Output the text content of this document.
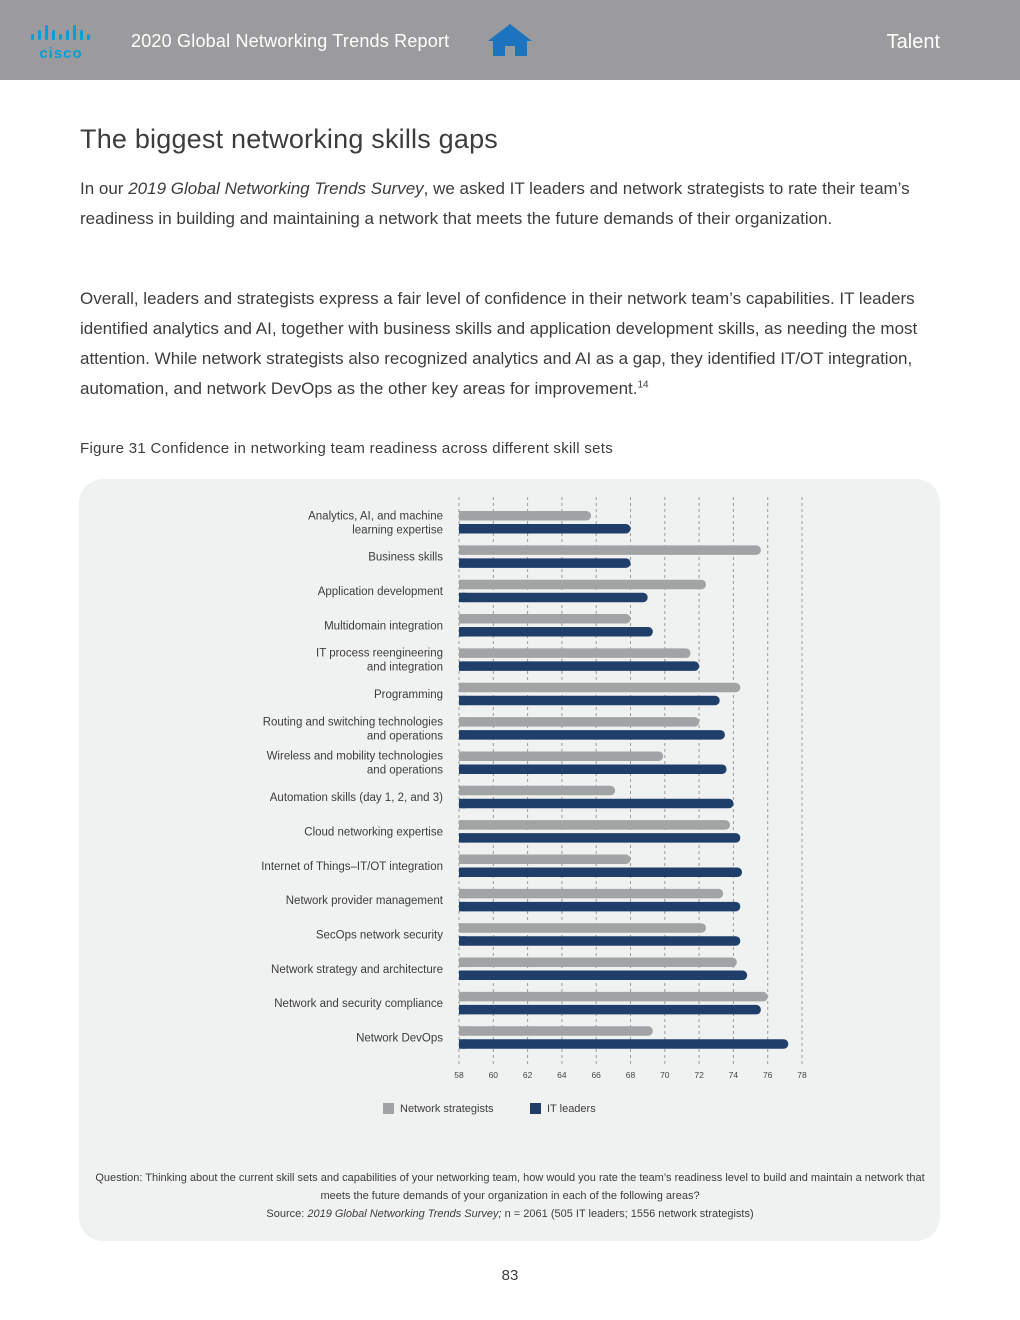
cisco
2020 Global Networking Trends Report	Talent
The biggest networking skills gaps

In our 2019 Global Networking Trends Survey, we asked IT leaders and network strategists to rate their team’s readiness in building and maintaining a network that meets the future demands of their organization.

Overall, leaders and strategists express a fair level of confidence in their network team’s capabilities. IT leaders identified analytics and AI, together with business skills and application development skills, as needing the most attention. While network strategists also recognized analytics and AI as a gap, they identified IT/OT integration, automation, and network DevOps as the other key areas for improvement.$^{14}$

Figure 31 Confidence in networking team readiness across different skill sets
58	60	62	64	66	68	70	72	74	76	78
Analytics, AI, and machine
learning expertise
Business skills
Application development
Multidomain integration
IT process reengineering
and integration
Programming
Routing and switching technologies
and operations
Wireless and mobility technologies
and operations
Automation skills (day 1, 2, and 3)
Cloud networking expertise
Internet of Things–IT/OT integration
Network provider management
SecOps network security
Network strategy and architecture
Network and security compliance
Network DevOps
Network strategists	IT leaders
Question: Thinking about the current skill sets and capabilities of your networking team, how would you rate the team’s readiness level to build and maintain a network that meets the future demands of your organization in each of the following areas?
Source: 2019 Global Networking Trends Survey; n = 2061 (505 IT leaders; 1556 network strategists)
83
